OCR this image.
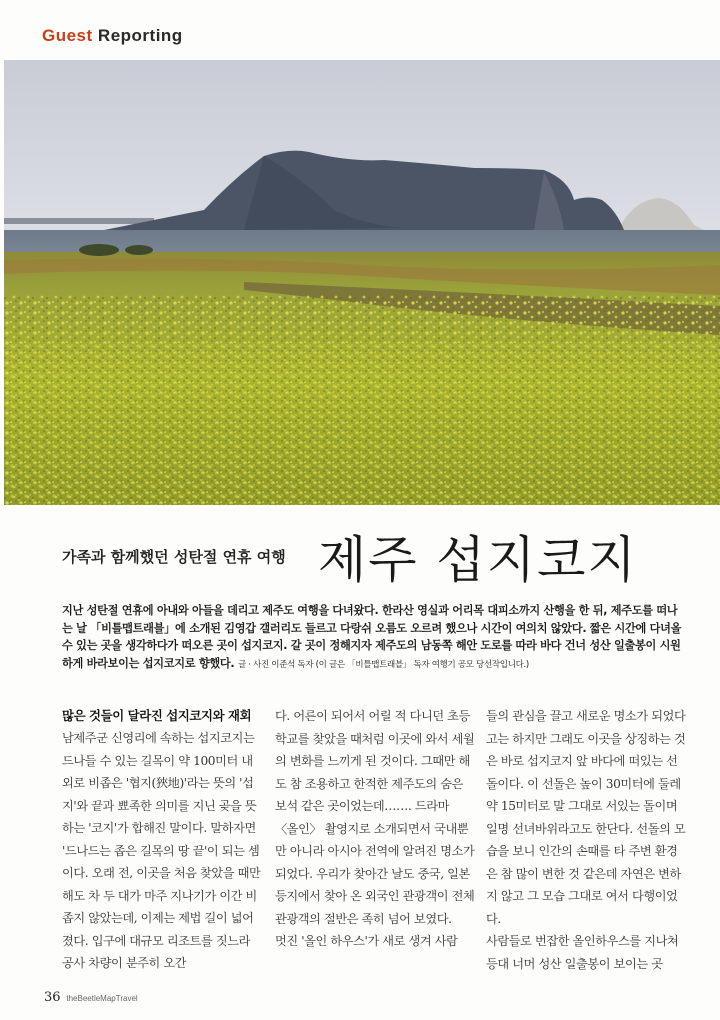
Guest Reporting
가족과 함께했던 성탄절 연휴 여행 제주 섭지코지
지난 성탄절 연휴에 아내와 아들을 데리고 제주도 여행을 다녀왔다. 한라산 영실과 어리목 대피소까지 산행을 한 뒤, 제주도를 떠나는 날 「비틀맵트래블」에 소개된 김영갑 갤러리도 들르고 다랑쉬 오름도 오르려 했으나 시간이 여의치 않았다. 짧은 시간에 다녀올 수 있는 곳을 생각하다가 떠오른 곳이 섭지코지. 갈 곳이 정해지자 제주도의 남동쪽 해안 도로를 따라 바다 건너 성산 일출봉이 시원하게 바라보이는 섭지코지로 향했다. 글 · 사진 이준석 독자 (이 글은 「비틀맵트래블」 독자 여행기 공모 당선작입니다.)
많은 것들이 달라진 섭지코지와 재회

남제주군 신영리에 속하는 섭지코지는 드나들 수 있는 길목이 약 100미터 내외로 비좁은 '협지(狹地)'라는 뜻의 '섭지'와 끝과 뾰족한 의미를 지닌 곶을 뜻하는 '코지'가 합해진 말이다. 말하자면 '드나드는 좁은 길목의 땅 끝'이 되는 셈이다. 오래 전, 이곳을 처음 찾았을 때만 해도 차 두 대가 마주 지나기가 이간 비좁지 않았는데, 이제는 제법 길이 넓어졌다. 입구에 대규모 리조트를 짓느라 공사 차량이 분주히 오간

다. 어른이 되어서 어릴 적 다니던 초등학교를 찾았을 때처럼 이곳에 와서 세월의 변화를 느끼게 된 것이다. 그때만 해도 참 조용하고 한적한 제주도의 숨은 보석 같은 곳이었는데……. 드라마 〈올인〉 촬영지로 소개되면서 국내뿐만 아니라 아시아 전역에 알려진 명소가 되었다. 우리가 찾아간 날도 중국, 일본 등지에서 찾아 온 외국인 관광객이 전체 관광객의 절반은 족히 넘어 보였다.

멋진 '올인 하우스'가 새로 생겨 사람

들의 관심을 끌고 새로운 명소가 되었다고는 하지만 그래도 이곳을 상징하는 것은 바로 섭지코지 앞 바다에 떠있는 선돌이다. 이 선돌은 높이 30미터에 둘레 약 15미터로 말 그대로 서있는 돌이며 일명 선녀바위라고도 한단다. 선돌의 모습을 보니 인간의 손때를 타 주변 환경은 참 많이 변한 것 같은데 자연은 변하지 않고 그 모습 그대로 여서 다행이었다.

사람들로 번잡한 올인하우스를 지나쳐 등대 너머 성산 일출봉이 보이는 곳

36 theBeetleMapTravel
